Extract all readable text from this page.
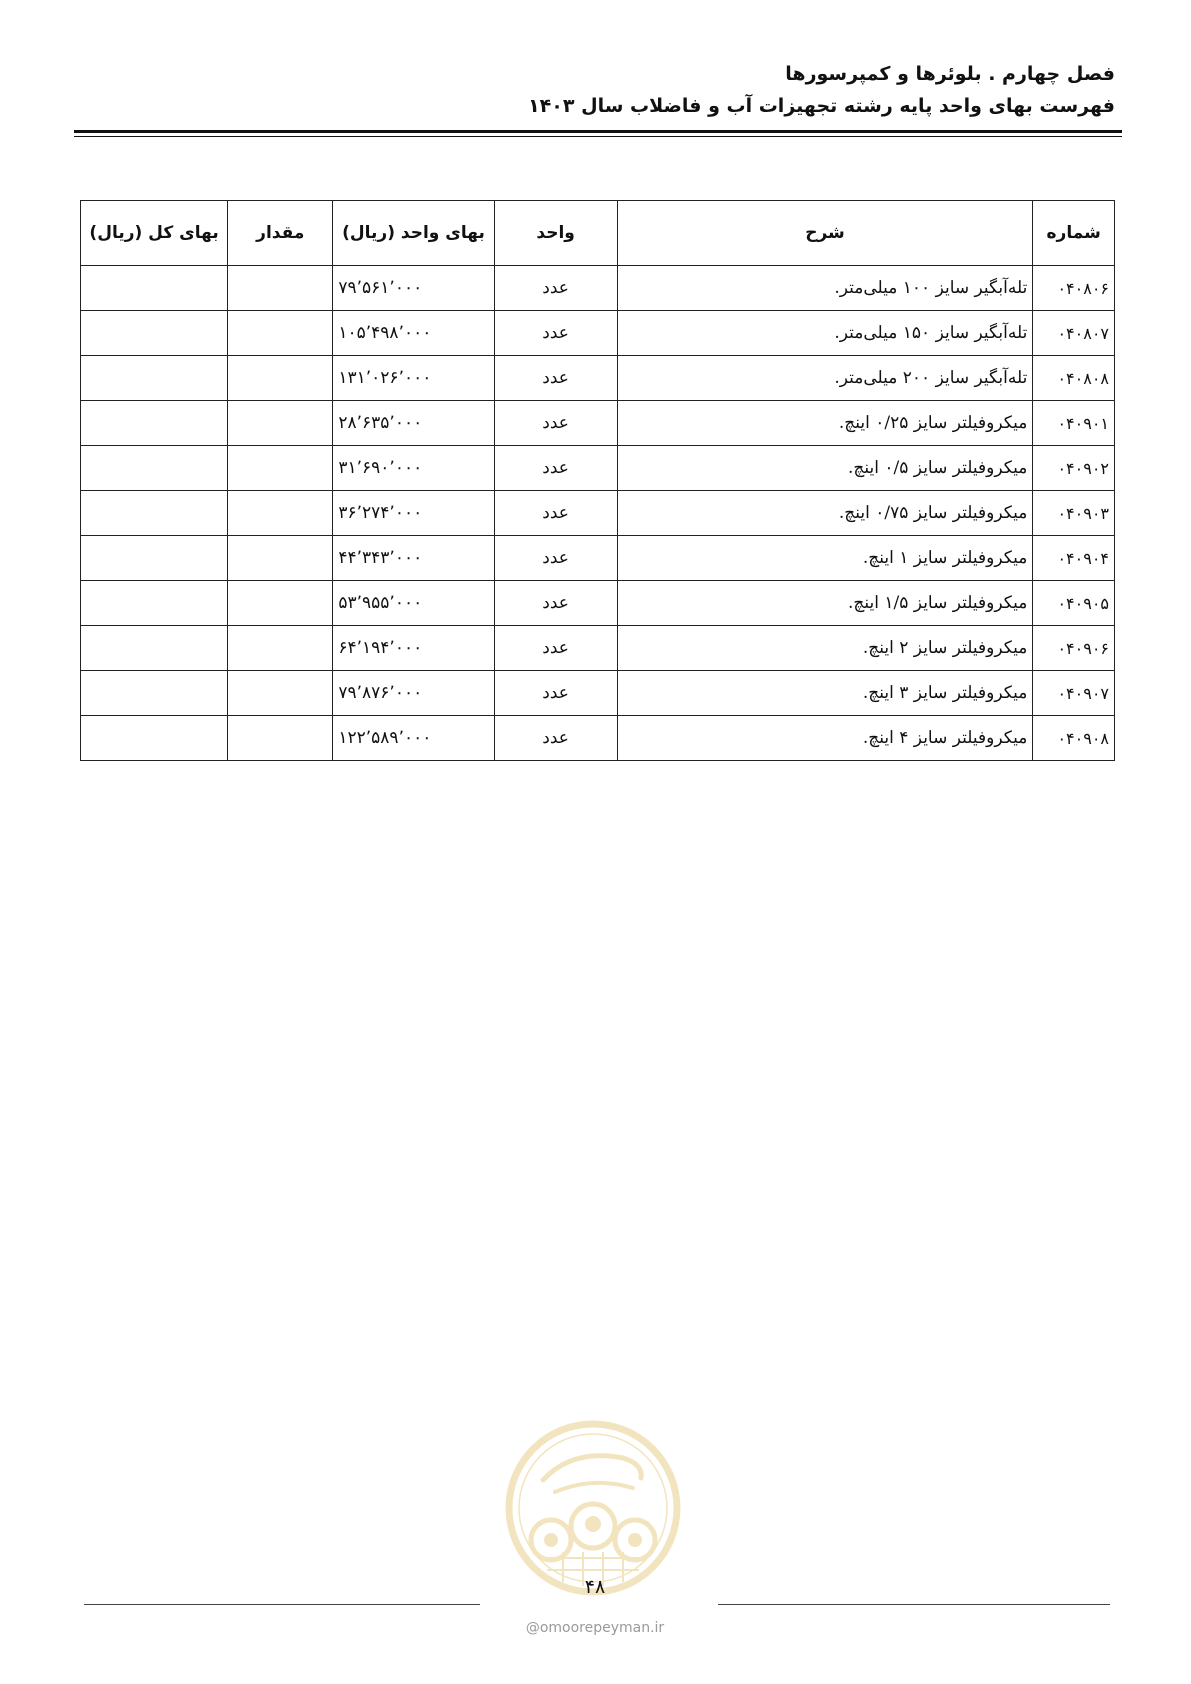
فصل چهارم . بلوئرها و کمپرسورها
فهرست بهای واحد پایه رشته تجهیزات آب و فاضلاب سال ۱۴۰۳
شماره	شرح	واحد	بهای واحد (ریال)	مقدار	بهای کل (ریال)
۰۴۰۸۰۶	تله‌آبگیر سایز ۱۰۰ میلی‌متر.	عدد	۷۹٬۵۶۱٬۰۰۰		
۰۴۰۸۰۷	تله‌آبگیر سایز ۱۵۰ میلی‌متر.	عدد	۱۰۵٬۴۹۸٬۰۰۰		
۰۴۰۸۰۸	تله‌آبگیر سایز ۲۰۰ میلی‌متر.	عدد	۱۳۱٬۰۲۶٬۰۰۰		
۰۴۰۹۰۱	میکروفیلتر سایز ۰/۲۵ اینچ.	عدد	۲۸٬۶۳۵٬۰۰۰		
۰۴۰۹۰۲	میکروفیلتر سایز ۰/۵ اینچ.	عدد	۳۱٬۶۹۰٬۰۰۰		
۰۴۰۹۰۳	میکروفیلتر سایز ۰/۷۵ اینچ.	عدد	۳۶٬۲۷۴٬۰۰۰		
۰۴۰۹۰۴	میکروفیلتر سایز ۱ اینچ.	عدد	۴۴٬۳۴۳٬۰۰۰		
۰۴۰۹۰۵	میکروفیلتر سایز ۱/۵ اینچ.	عدد	۵۳٬۹۵۵٬۰۰۰		
۰۴۰۹۰۶	میکروفیلتر سایز ۲ اینچ.	عدد	۶۴٬۱۹۴٬۰۰۰		
۰۴۰۹۰۷	میکروفیلتر سایز ۳ اینچ.	عدد	۷۹٬۸۷۶٬۰۰۰		
۰۴۰۹۰۸	میکروفیلتر سایز ۴ اینچ.	عدد	۱۲۲٬۵۸۹٬۰۰۰		
۴۸
@omoorepeyman.ir
